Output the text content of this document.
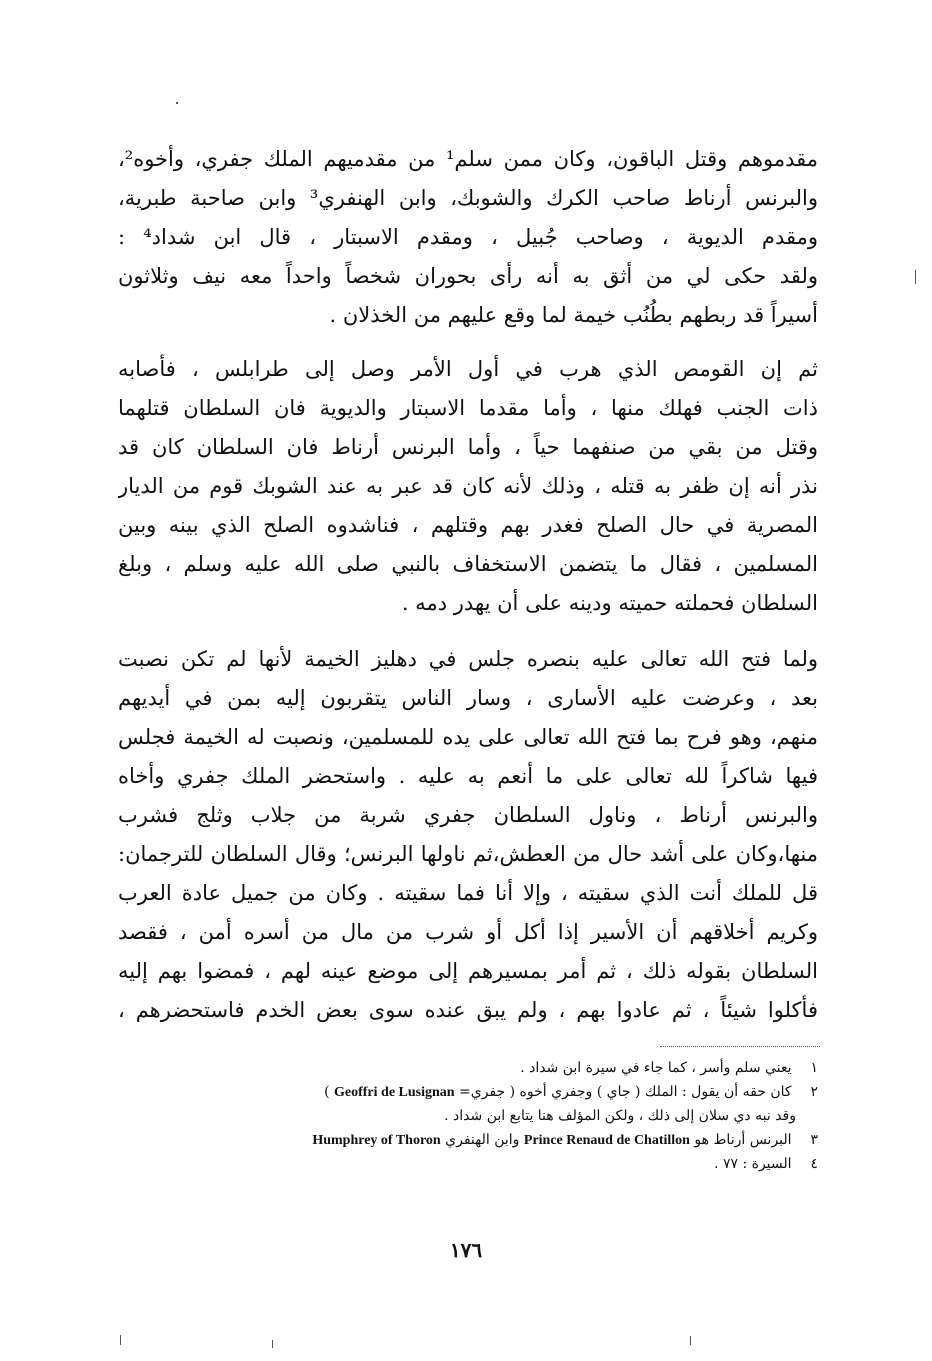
مقدموهم وقتل الباقون، وكان ممن سلم¹ من مقدميهم الملك جفري، وأخوه²،
والبرنس أرناط صاحب الكرك والشوبك، وابن الهنفري³ وابن صاحبة طبرية،
ومقدم الديوية ، وصاحب جُبيل ، ومقدم الاسبتار ، قال ابن شداد⁴ :
ولقد حكى لي من أثق به أنه رأى بحوران شخصاً واحداً معه نيف وثلاثون
أسيراً قد ربطهم بطُنُب خيمة لما وقع عليهم من الخذلان .
ثم إن القومص الذي هرب في أول الأمر وصل إلى طرابلس ، فأصابه
ذات الجنب فهلك منها ، وأما مقدما الاسبتار والديوية فان السلطان قتلهما
وقتل من بقي من صنفهما حياً ، وأما البرنس أرناط فان السلطان كان قد
نذر أنه إن ظفر به قتله ، وذلك لأنه كان قد عبر به عند الشوبك قوم من الديار
المصرية في حال الصلح فغدر بهم وقتلهم ، فناشدوه الصلح الذي بينه وبين
المسلمين ، فقال ما يتضمن الاستخفاف بالنبي صلى الله عليه وسلم ، وبلغ
السلطان فحملته حميته ودينه على أن يهدر دمه .
ولما فتح الله تعالى عليه بنصره جلس في دهليز الخيمة لأنها لم تكن نصبت
بعد ، وعرضت عليه الأسارى ، وسار الناس يتقربون إليه بمن في أيديهم
منهم، وهو فرح بما فتح الله تعالى على يده للمسلمين، ونصبت له الخيمة فجلس
فيها شاكراً لله تعالى على ما أنعم به عليه . واستحضر الملك جفري وأخاه
والبرنس أرناط ، وناول السلطان جفري شربة من جلاب وثلج فشرب
منها،وكان على أشد حال من العطش،ثم ناولها البرنس؛ وقال السلطان للترجمان:
قل للملك أنت الذي سقيته ، وإلا أنا فما سقيته . وكان من جميل عادة العرب
وكريم أخلاقهم أن الأسير إذا أكل أو شرب من مال من أسره أمن ، فقصد
السلطان بقوله ذلك ، ثم أمر بمسيرهم إلى موضع عينه لهم ، فمضوا بهم إليه
فأكلوا شيئاً ، ثم عادوا بهم ، ولم يبق عنده سوى بعض الخدم فاستحضرهم ،
١ يعني سلم وأسر ، كما جاء في سيرة ابن شداد .
٢ كان حقه أن يقول : الملك ( جاي ) وجفري أخوه ( جفري= Geoffri de Lusignan )
وقد نبه دي سلان إلى ذلك ، ولكن المؤلف هنا يتابع ابن شداد .
٣ البرنس أرناط هو Prince Renaud de Chatillon وابن الهنفري Humphrey of Thoron
٤ السيرة : ٧٧ .
١٧٦
